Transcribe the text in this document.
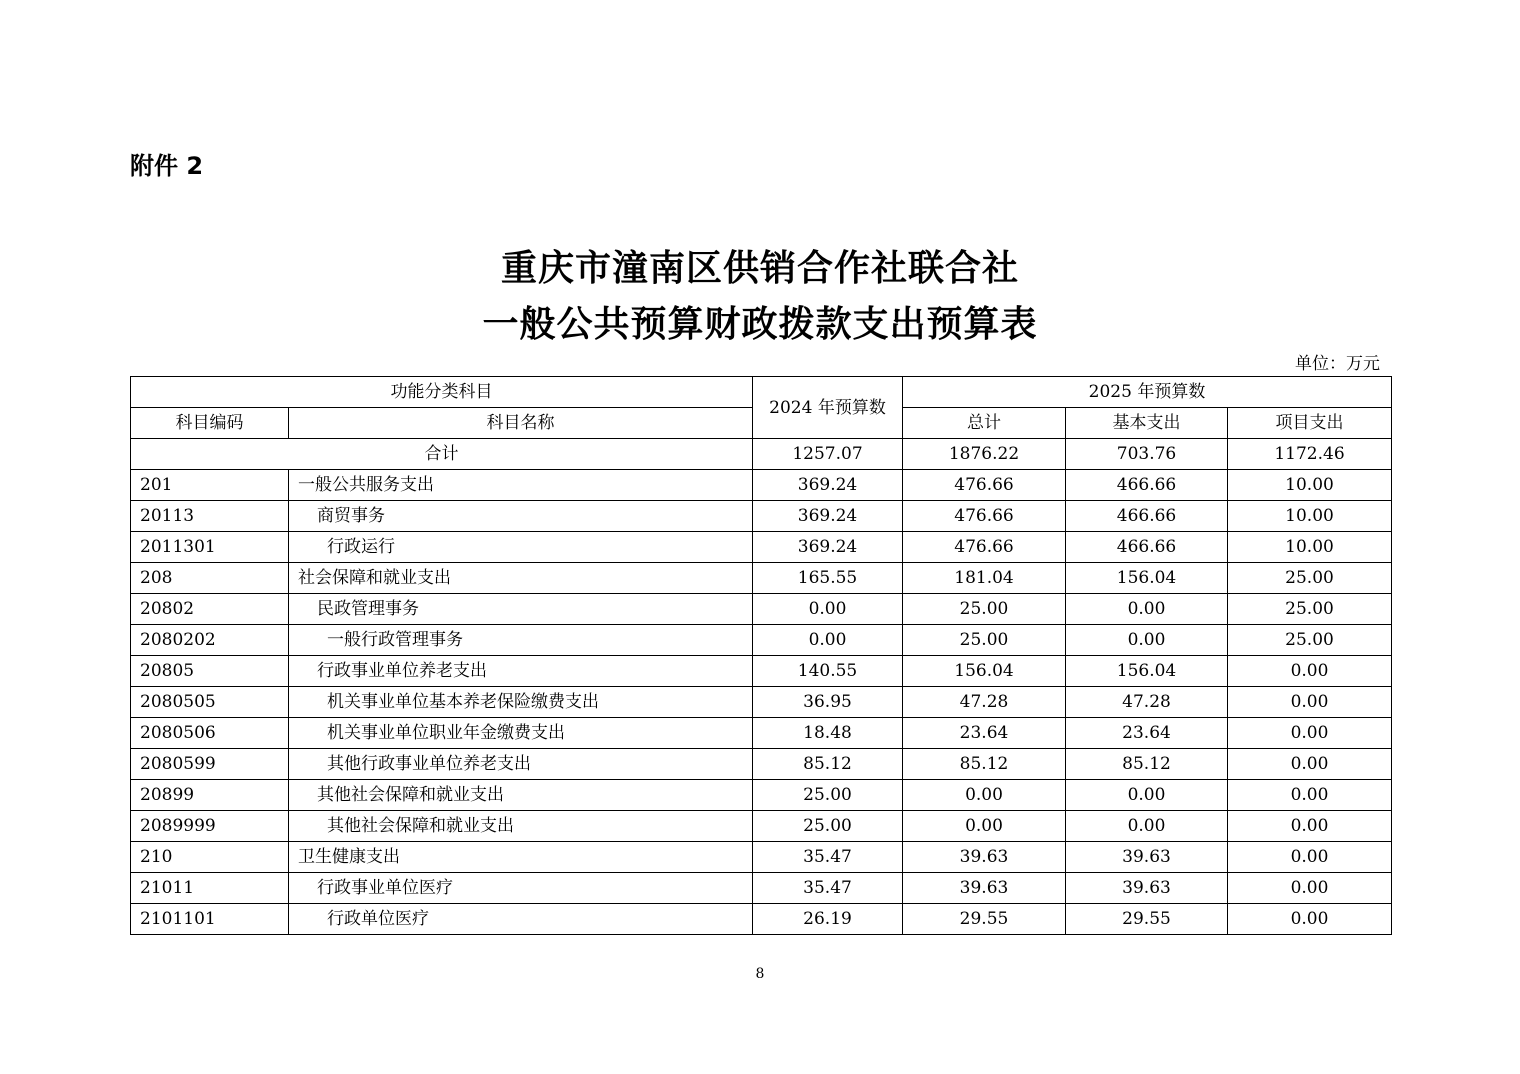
附件 2
重庆市潼南区供销合作社联合社
一般公共预算财政拨款支出预算表
单位：万元
功能分类科目		2024 年预算数	2025 年预算数		
科目编码	科目名称		总计	基本支出	项目支出
合计		1257.07	1876.22	703.76	1172.46
201	一般公共服务支出	369.24	476.66	466.66	10.00
20113	商贸事务	369.24	476.66	466.66	10.00
2011301	行政运行	369.24	476.66	466.66	10.00
208	社会保障和就业支出	165.55	181.04	156.04	25.00
20802	民政管理事务	0.00	25.00	0.00	25.00
2080202	一般行政管理事务	0.00	25.00	0.00	25.00
20805	行政事业单位养老支出	140.55	156.04	156.04	0.00
2080505	机关事业单位基本养老保险缴费支出	36.95	47.28	47.28	0.00
2080506	机关事业单位职业年金缴费支出	18.48	23.64	23.64	0.00
2080599	其他行政事业单位养老支出	85.12	85.12	85.12	0.00
20899	其他社会保障和就业支出	25.00	0.00	0.00	0.00
2089999	其他社会保障和就业支出	25.00	0.00	0.00	0.00
210	卫生健康支出	35.47	39.63	39.63	0.00
21011	行政事业单位医疗	35.47	39.63	39.63	0.00
2101101	行政单位医疗	26.19	29.55	29.55	0.00
8
